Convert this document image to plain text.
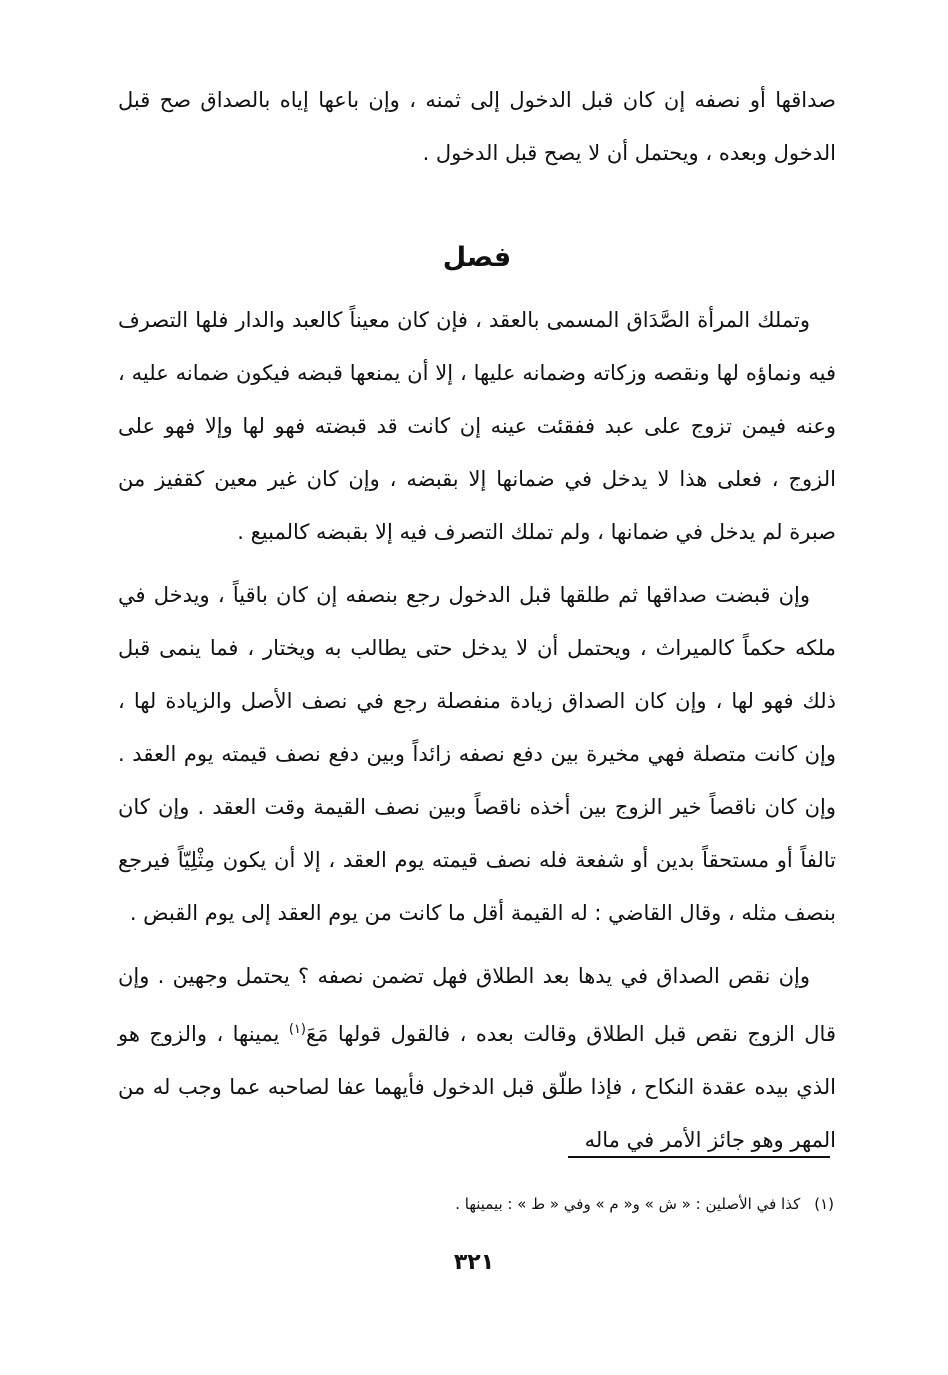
صداقها أو نصفه إن كان قبل الدخول إلى ثمنه ، وإن باعها إياه بالصداق صح قبل الدخول وبعده ، ويحتمل أن لا يصح قبل الدخول .

فصل

وتملك المرأة الصَّدَاق المسمى بالعقد ، فإن كان معيناً كالعبد والدار فلها التصرف فيه ونماؤه لها ونقصه وزكاته وضمانه عليها ، إلا أن يمنعها قبضه فيكون ضمانه عليه ، وعنه فيمن تزوج على عبد ففقئت عينه إن كانت قد قبضته فهو لها وإلا فهو على الزوج ، فعلى هذا لا يدخل في ضمانها إلا بقبضه ، وإن كان غير معين كقفيز من صبرة لم يدخل في ضمانها ، ولم تملك التصرف فيه إلا بقبضه كالمبيع .

وإن قبضت صداقها ثم طلقها قبل الدخول رجع بنصفه إن كان باقياً ، ويدخل في ملكه حكماً كالميراث ، ويحتمل أن لا يدخل حتى يطالب به ويختار ، فما ينمى قبل ذلك فهو لها ، وإن كان الصداق زيادة منفصلة رجع في نصف الأصل والزيادة لها ، وإن كانت متصلة فهي مخيرة بين دفع نصفه زائداً وبين دفع نصف قيمته يوم العقد . وإن كان ناقصاً خير الزوج بين أخذه ناقصاً وبين نصف القيمة وقت العقد . وإن كان تالفاً أو مستحقاً بدين أو شفعة فله نصف قيمته يوم العقد ، إلا أن يكون مِثْلِيّاً فيرجع بنصف مثله ، وقال القاضي : له القيمة أقل ما كانت من يوم العقد إلى يوم القبض .

وإن نقص الصداق في يدها بعد الطلاق فهل تضمن نصفه ؟ يحتمل وجهين . وإن قال الزوج نقص قبل الطلاق وقالت بعده ، فالقول قولها مَعَ$^{(١)}$ يمينها ، والزوج هو الذي بيده عقدة النكاح ، فإذا طلّق قبل الدخول فأيهما عفا لصاحبه عما وجب له من المهر وهو جائز الأمر في ماله

(١)كذا في الأصلين : « ش » و« م » وفي « ط » : بيمينها .
٣٢١
